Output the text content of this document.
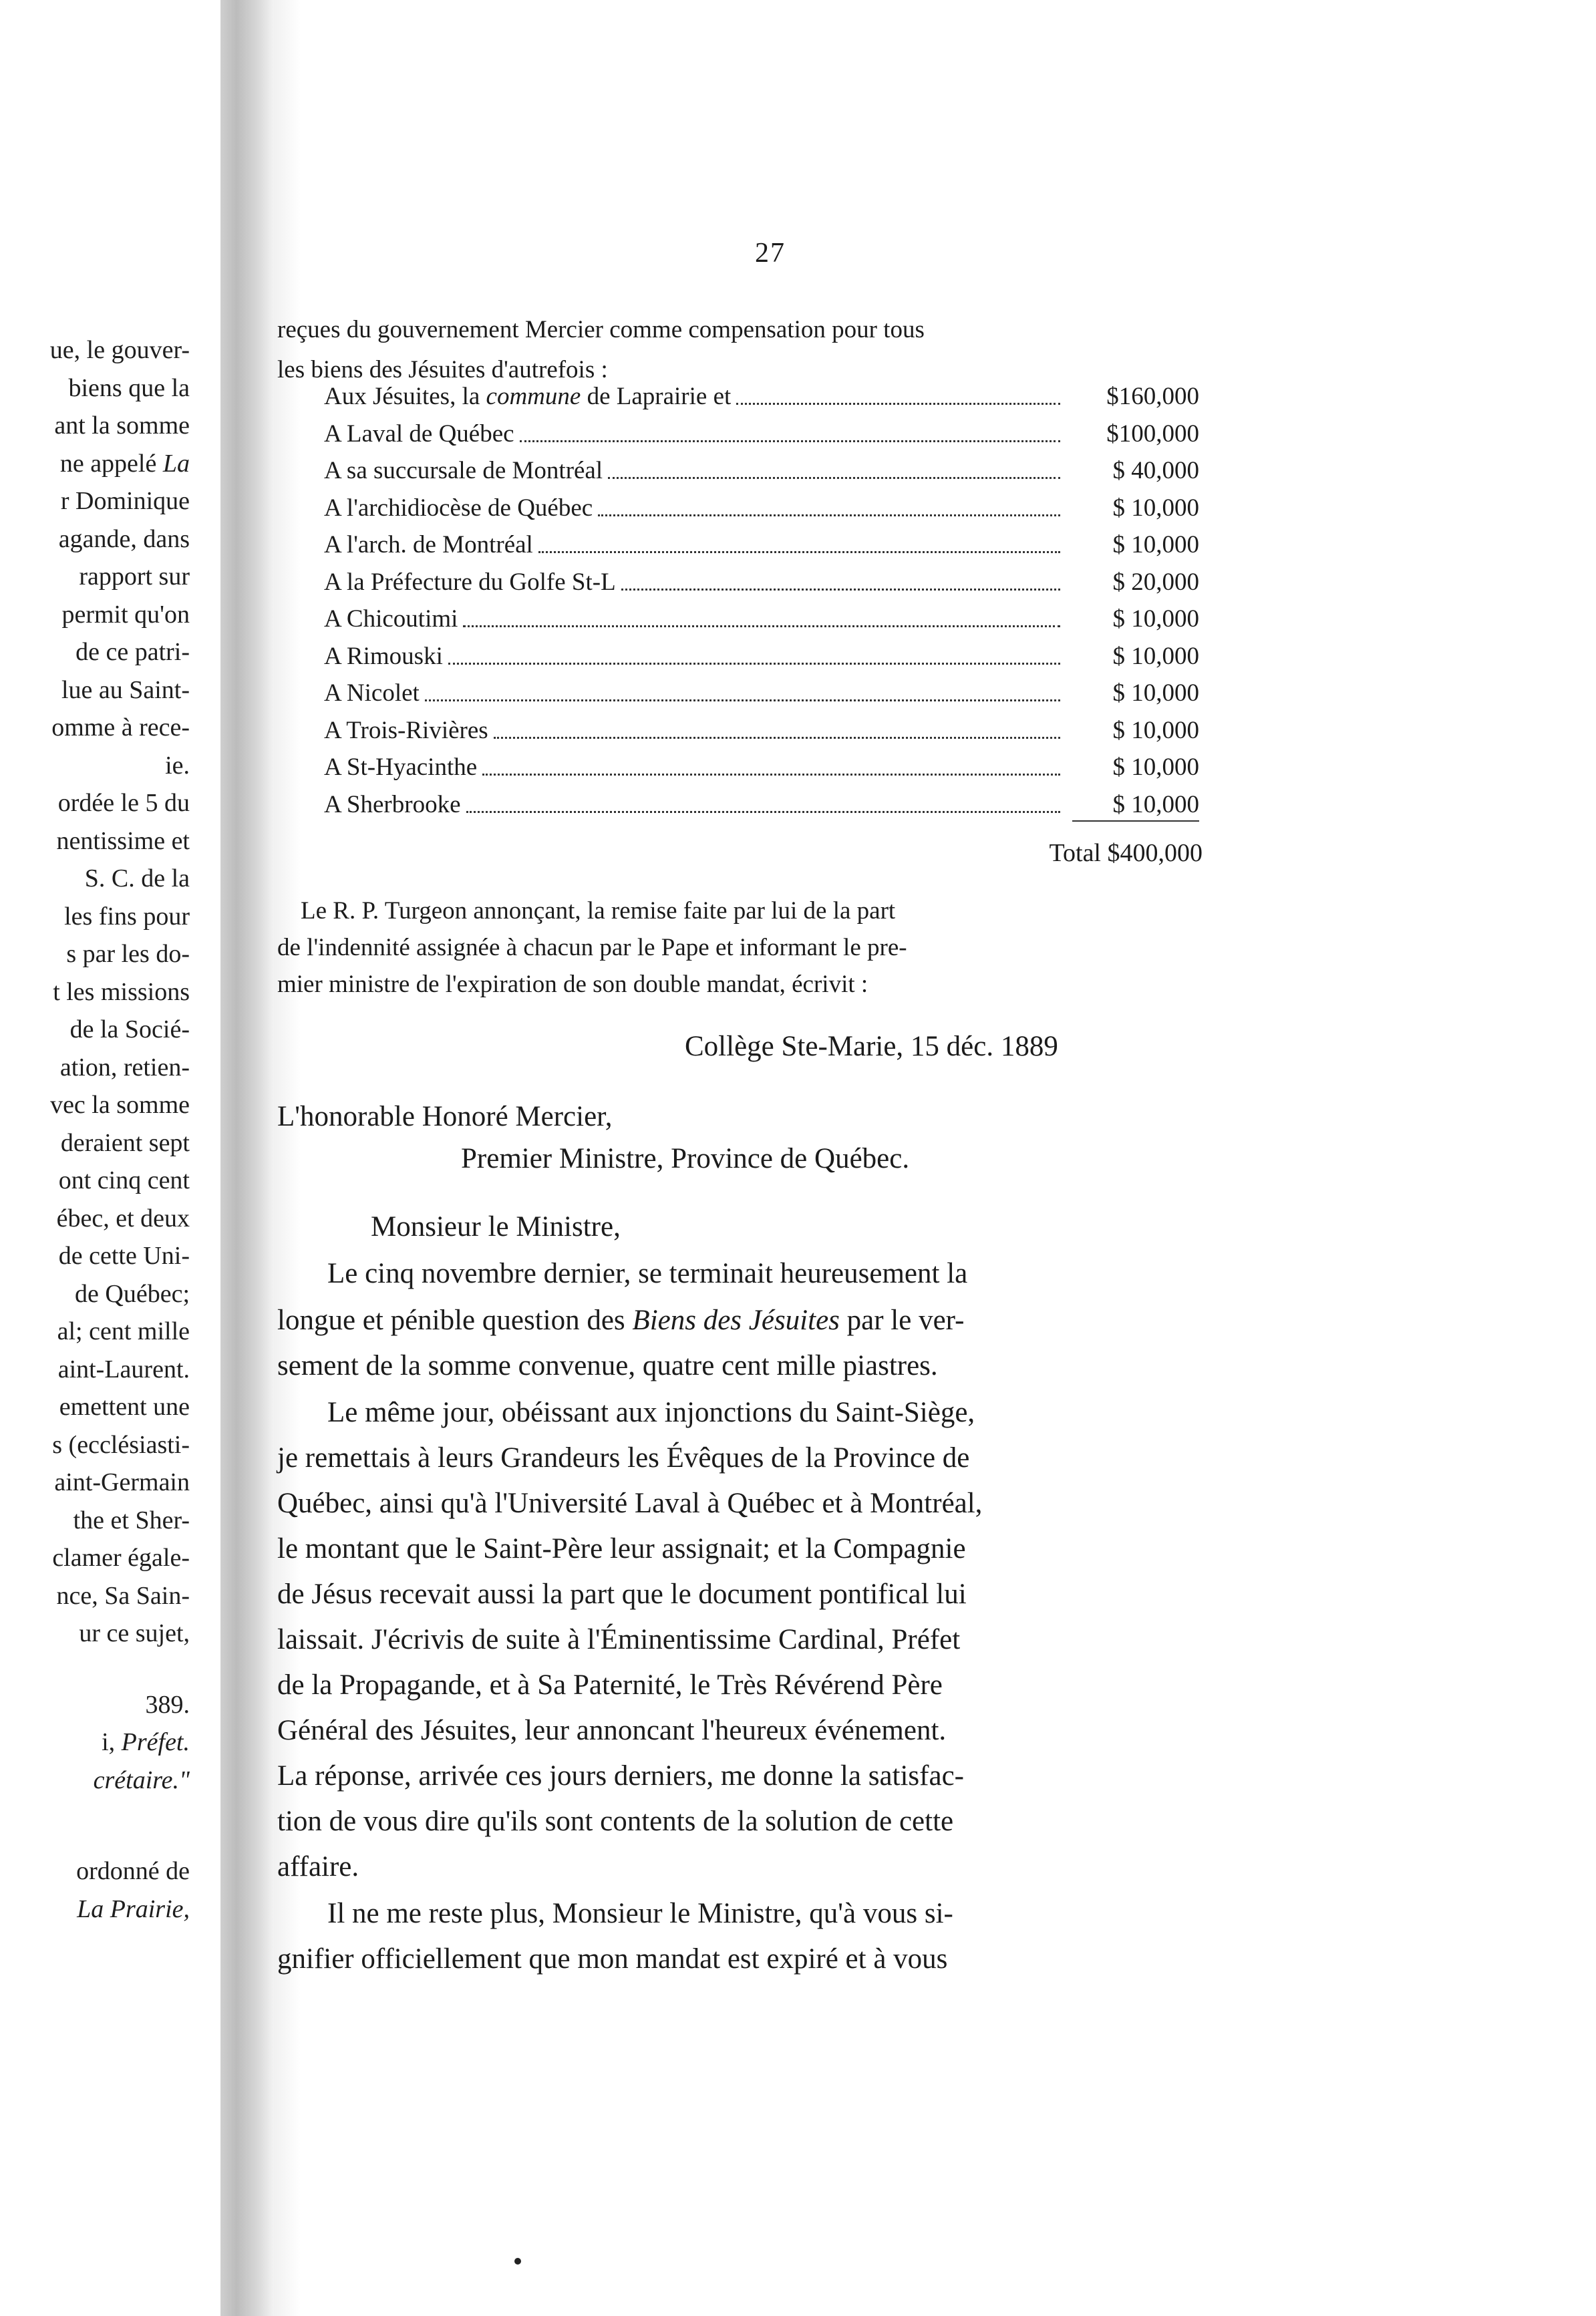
ue, le gouver-
biens que la
ant la somme
ne appelé La
r Dominique
agande, dans
rapport sur
permit qu'on
de ce patri-
lue au Saint-
omme à rece-
ie.
ordée le 5 du
nentissime et
S. C. de la
les fins pour
s par les do-
t les missions
de la Socié-
ation, retien-
vec la somme
deraient sept
ont cinq cent
ébec, et deux
de cette Uni-
de Québec;
al; cent mille
aint-Laurent.
emettent une
s (ecclésiasti-
aint-Germain
the et Sher-
clamer égale-
nce, Sa Sain-
ur ce sujet,
389.
i, Préfet.
crétaire."
ordonné de
La Prairie,
27
reçues du gouvernement Mercier comme compensation pour tous
les biens des Jésuites d'autrefois :
Aux Jésuites, la commune de Laprairie et	$160,000
A Laval de Québec	$100,000
A sa succursale de Montréal	$ 40,000
A l'archidiocèse de Québec	$ 10,000
A l'arch. de Montréal	$ 10,000
A la Préfecture du Golfe St-L	$ 20,000
A Chicoutimi	$ 10,000
A Rimouski	$ 10,000
A Nicolet	$ 10,000
A Trois-Rivières	$ 10,000
A St-Hyacinthe	$ 10,000
A Sherbrooke	$ 10,000
Total $400,000
Le R. P. Turgeon annonçant, la remise faite par lui de la part
de l'indennité assignée à chacun par le Pape et informant le pre-
mier ministre de l'expiration de son double mandat, écrivit :
Collège Ste-Marie, 15 déc. 1889
L'honorable Honoré Mercier,
Premier Ministre, Province de Québec.
Monsieur le Ministre,
Le cinq novembre dernier, se terminait heureusement la
longue et pénible question des Biens des Jésuites par le ver-
sement de la somme convenue, quatre cent mille piastres.
Le même jour, obéissant aux injonctions du Saint-Siège,
je remettais à leurs Grandeurs les Évêques de la Province de
Québec, ainsi qu'à l'Université Laval à Québec et à Montréal,
le montant que le Saint-Père leur assignait; et la Compagnie
de Jésus recevait aussi la part que le document pontifical lui
laissait. J'écrivis de suite à l'Éminentissime Cardinal, Préfet
de la Propagande, et à Sa Paternité, le Très Révérend Père
Général des Jésuites, leur annoncant l'heureux événement.
La réponse, arrivée ces jours derniers, me donne la satisfac-
tion de vous dire qu'ils sont contents de la solution de cette
affaire.
Il ne me reste plus, Monsieur le Ministre, qu'à vous si-
gnifier officiellement que mon mandat est expiré et à vous
